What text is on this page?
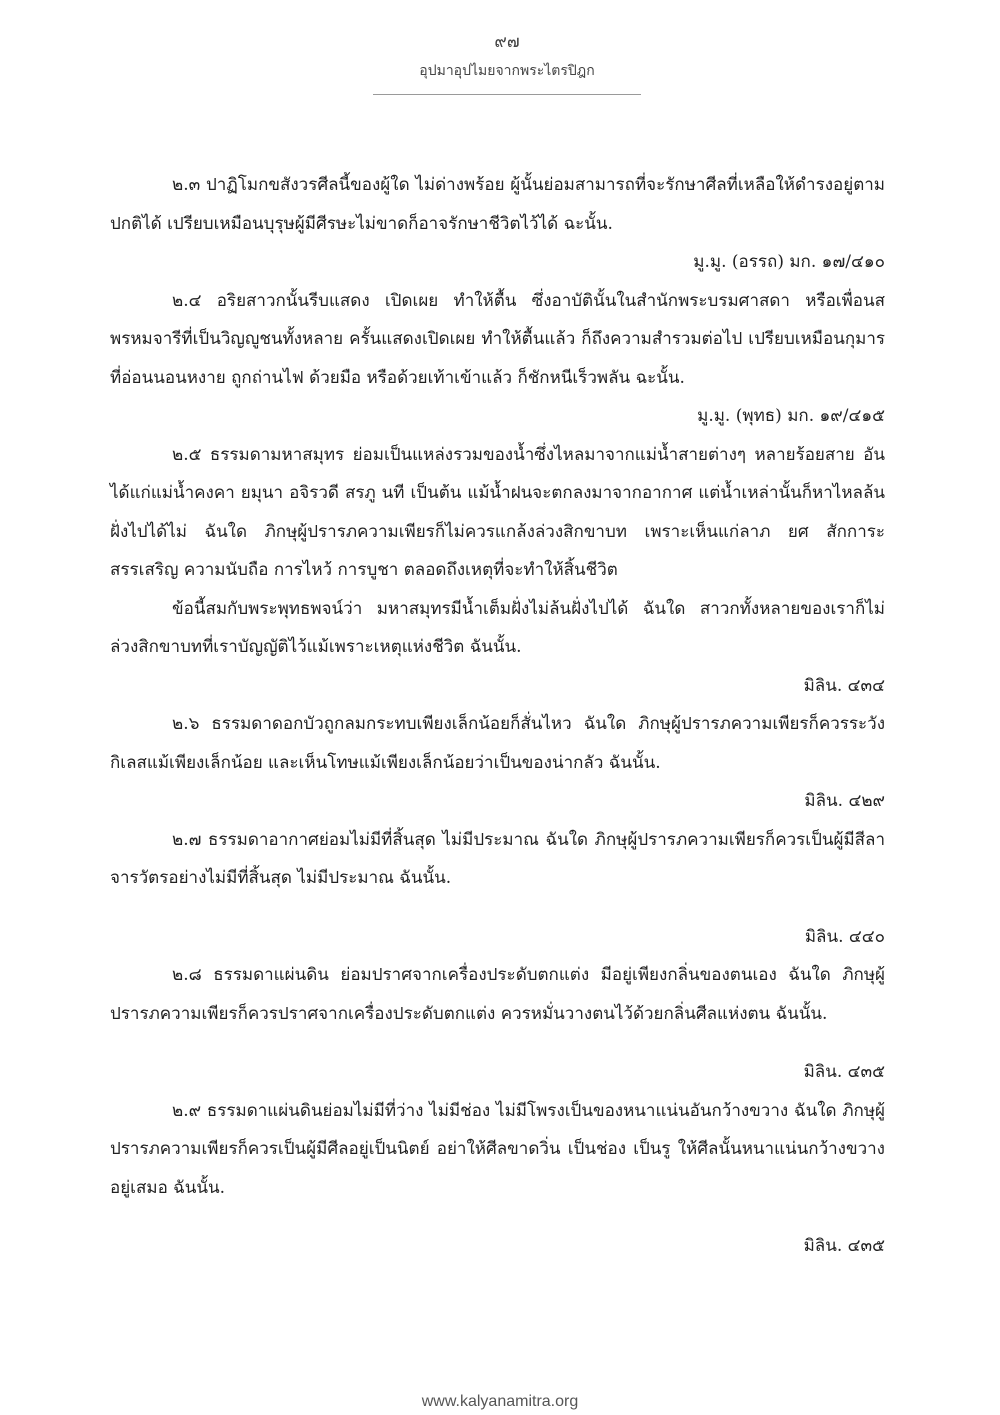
๙๗
อุปมาอุปไมยจากพระไตรปิฎก

๒.๓ ปาฏิโมกขสังวรศีลนี้ของผู้ใด ไม่ด่างพร้อย ผู้นั้นย่อมสามารถที่จะรักษาศีลที่เหลือให้ดำรงอยู่ตามปกติได้ เปรียบเหมือนบุรุษผู้มีศีรษะไม่ขาดก็อาจรักษาชีวิตไว้ได้ ฉะนั้น.

มู.มู. (อรรถ) มก. ๑๗/๔๑๐

๒.๔ อริยสาวกนั้นรีบแสดง เปิดเผย ทำให้ตื้น ซึ่งอาบัตินั้นในสำนักพระบรมศาสดา หรือเพื่อนสพรหมจารีที่เป็นวิญญูชนทั้งหลาย ครั้นแสดงเปิดเผย ทำให้ตื้นแล้ว ก็ถึงความสำรวมต่อไป เปรียบเหมือนกุมารที่อ่อนนอนหงาย ถูกถ่านไฟ ด้วยมือ หรือด้วยเท้าเข้าแล้ว ก็ชักหนีเร็วพลัน ฉะนั้น.

มู.มู. (พุทธ) มก. ๑๙/๔๑๕

๒.๕ ธรรมดามหาสมุทร ย่อมเป็นแหล่งรวมของน้ำซึ่งไหลมาจากแม่น้ำสายต่างๆ หลายร้อยสาย อันได้แก่แม่น้ำคงคา ยมุนา อจิรวดี สรภู นที เป็นต้น แม้น้ำฝนจะตกลงมาจากอากาศ แต่น้ำเหล่านั้นก็หาไหลล้นฝั่งไปได้ไม่ ฉันใด ภิกษุผู้ปรารภความเพียรก็ไม่ควรแกล้งล่วงสิกขาบท เพราะเห็นแก่ลาภ ยศ สักการะ สรรเสริญ ความนับถือ การไหว้ การบูชา ตลอดถึงเหตุที่จะทำให้สิ้นชีวิต

ข้อนี้สมกับพระพุทธพจน์ว่า มหาสมุทรมีน้ำเต็มฝั่งไม่ล้นฝั่งไปได้ ฉันใด สาวกทั้งหลายของเราก็ไม่ล่วงสิกขาบทที่เราบัญญัติไว้แม้เพราะเหตุแห่งชีวิต ฉันนั้น.

มิลิน. ๔๓๔

๒.๖ ธรรมดาดอกบัวถูกลมกระทบเพียงเล็กน้อยก็สั่นไหว ฉันใด ภิกษุผู้ปรารภความเพียรก็ควรระวังกิเลสแม้เพียงเล็กน้อย และเห็นโทษแม้เพียงเล็กน้อยว่าเป็นของน่ากลัว ฉันนั้น.

มิลิน. ๔๒๙

๒.๗ ธรรมดาอากาศย่อมไม่มีที่สิ้นสุด ไม่มีประมาณ ฉันใด ภิกษุผู้ปรารภความเพียรก็ควรเป็นผู้มีสีลาจารวัตรอย่างไม่มีที่สิ้นสุด ไม่มีประมาณ ฉันนั้น.

มิลิน. ๔๔๐

๒.๘ ธรรมดาแผ่นดิน ย่อมปราศจากเครื่องประดับตกแต่ง มีอยู่เพียงกลิ่นของตนเอง ฉันใด ภิกษุผู้ปรารภความเพียรก็ควรปราศจากเครื่องประดับตกแต่ง ควรหมั่นวางตนไว้ด้วยกลิ่นศีลแห่งตน ฉันนั้น.

มิลิน. ๔๓๕

๒.๙ ธรรมดาแผ่นดินย่อมไม่มีที่ว่าง ไม่มีช่อง ไม่มีโพรงเป็นของหนาแน่นอันกว้างขวาง ฉันใด ภิกษุผู้ปรารภความเพียรก็ควรเป็นผู้มีศีลอยู่เป็นนิตย์ อย่าให้ศีลขาดวิ่น เป็นช่อง เป็นรู ให้ศีลนั้นหนาแน่นกว้างขวางอยู่เสมอ ฉันนั้น.

มิลิน. ๔๓๕

www.kalyanamitra.org
